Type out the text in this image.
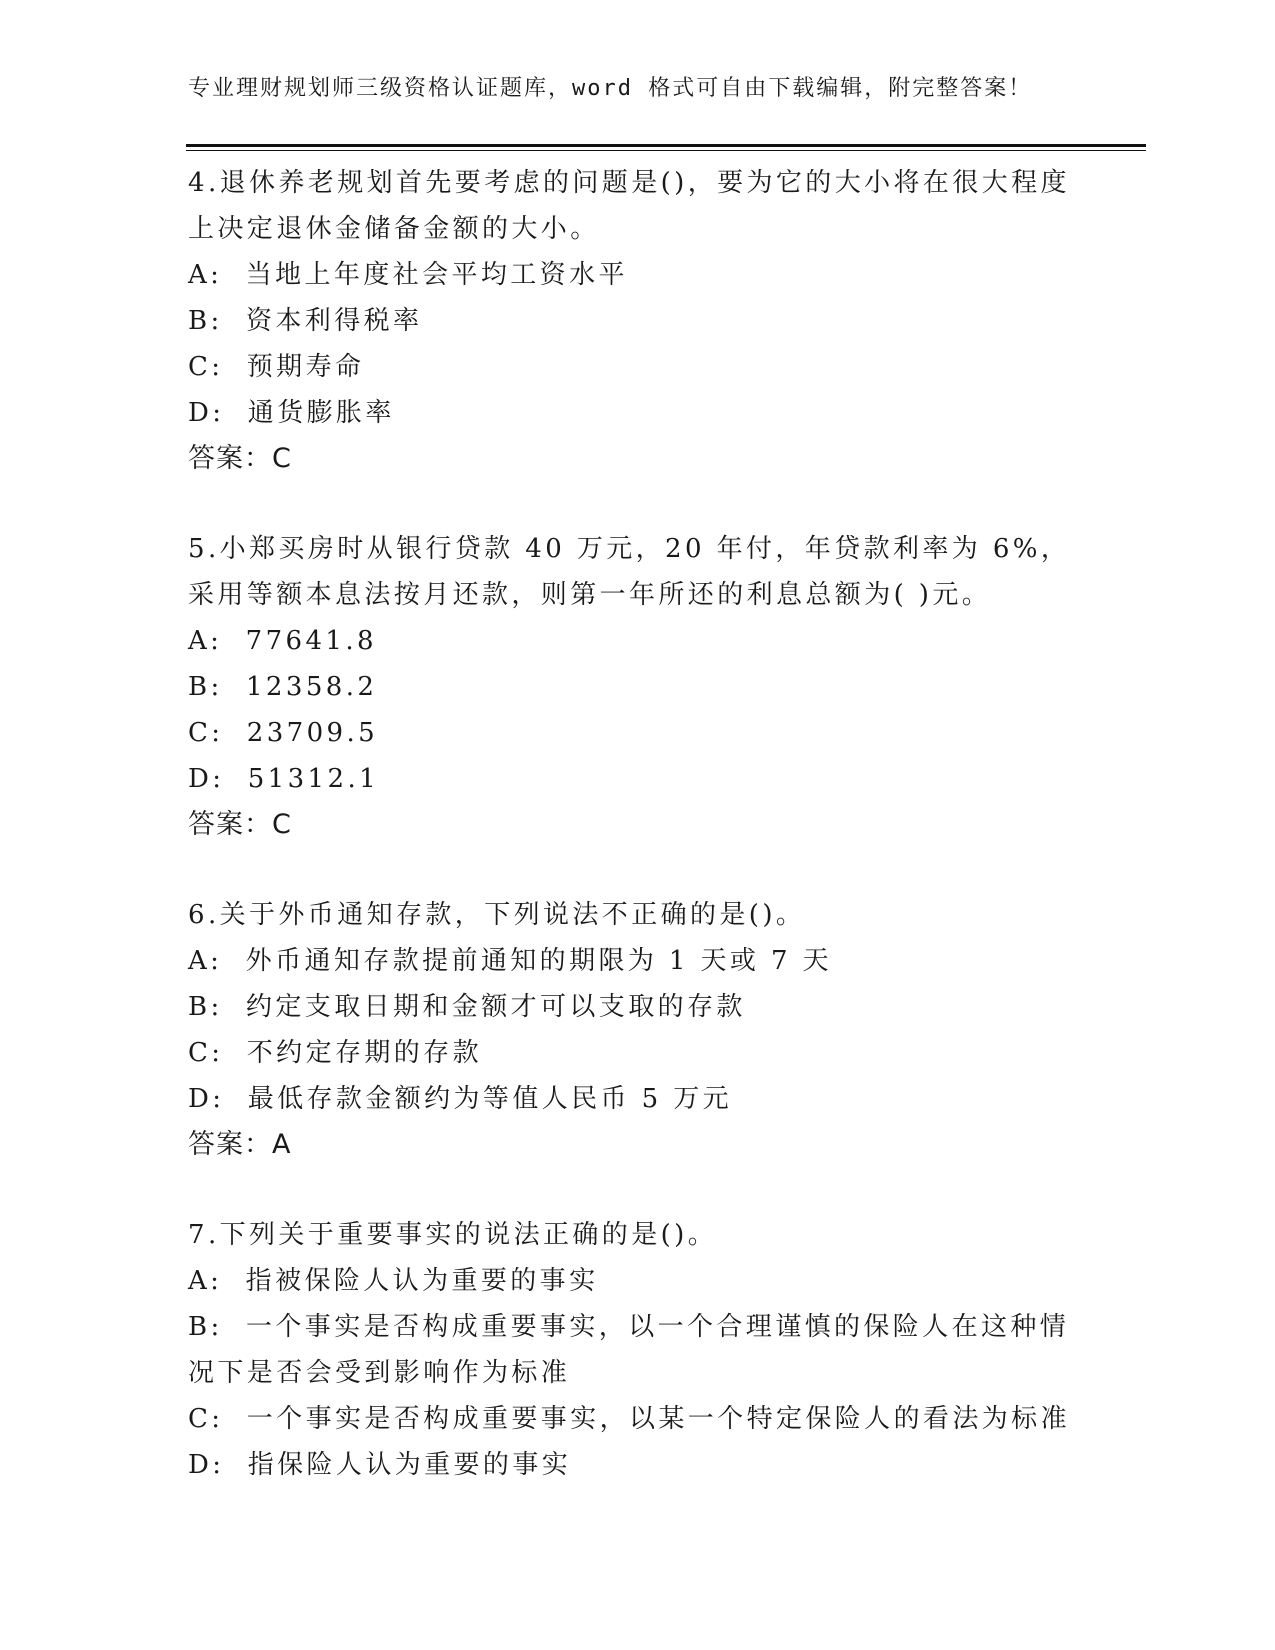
专业理财规划师三级资格认证题库，word 格式可自由下载编辑，附完整答案！
4.退休养老规划首先要考虑的问题是()，要为它的大小将在很大程度上决定退休金储备金额的大小。
A:  当地上年度社会平均工资水平
B:  资本利得税率
C:  预期寿命
D:  通货膨胀率
答案：C
5.小郑买房时从银行贷款 40 万元，20 年付，年贷款利率为 6%，采用等额本息法按月还款，则第一年所还的利息总额为( )元。
A:  77641.8
B:  12358.2
C:  23709.5
D:  51312.1
答案：C
6.关于外币通知存款，下列说法不正确的是()。
A:  外币通知存款提前通知的期限为 1 天或 7 天
B:  约定支取日期和金额才可以支取的存款
C:  不约定存期的存款
D:  最低存款金额约为等值人民币 5 万元
答案：A
7.下列关于重要事实的说法正确的是()。
A:  指被保险人认为重要的事实
B:  一个事实是否构成重要事实，以一个合理谨慎的保险人在这种情况下是否会受到影响作为标准
C:  一个事实是否构成重要事实，以某一个特定保险人的看法为标准
D:  指保险人认为重要的事实
